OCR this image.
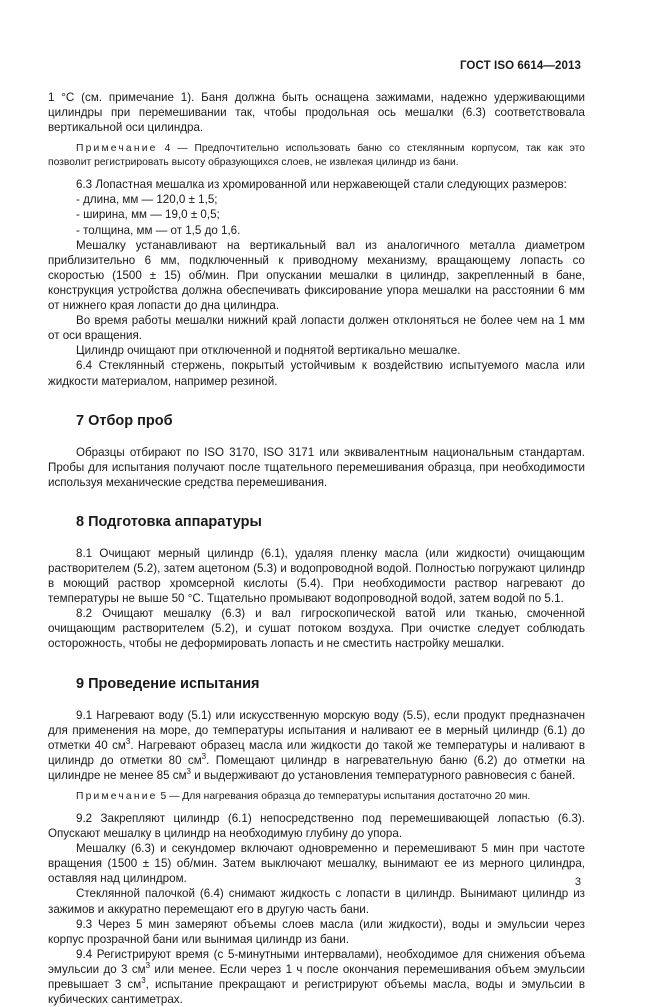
ГОСТ ISO 6614—2013

1 °С (см. примечание 1). Баня должна быть оснащена зажимами, надежно удерживающими цилиндры при перемешивании так, чтобы продольная ось мешалки (6.3) соответствовала вертикальной оси цилиндра.

Примечание 4 — Предпочтительно использовать баню со стеклянным корпусом, так как это позволит регистрировать высоту образующихся слоев, не извлекая цилиндр из бани.

6.3 Лопастная мешалка из хромированной или нержавеющей стали следующих размеров:

- длина, мм — 120,0 ± 1,5;

- ширина, мм — 19,0 ± 0,5;

- толщина, мм — от 1,5 до 1,6.

Мешалку устанавливают на вертикальный вал из аналогичного металла диаметром приблизительно 6 мм, подключенный к приводному механизму, вращающему лопасть со скоростью (1500 ± 15) об/мин. При опускании мешалки в цилиндр, закрепленный в бане, конструкция устройства должна обеспечивать фиксирование упора мешалки на расстоянии 6 мм от нижнего края лопасти до дна цилиндра.

Во время работы мешалки нижний край лопасти должен отклоняться не более чем на 1 мм от оси вращения.

Цилиндр очищают при отключенной и поднятой вертикально мешалке.

6.4 Стеклянный стержень, покрытый устойчивым к воздействию испытуемого масла или жидкости материалом, например резиной.

7 Отбор проб

Образцы отбирают по ISO 3170, ISO 3171 или эквивалентным национальным стандартам. Пробы для испытания получают после тщательного перемешивания образца, при необходимости используя механические средства перемешивания.

8 Подготовка аппаратуры

8.1 Очищают мерный цилиндр (6.1), удаляя пленку масла (или жидкости) очищающим растворителем (5.2), затем ацетоном (5.3) и водопроводной водой. Полностью погружают цилиндр в моющий раствор хромсерной кислоты (5.4). При необходимости раствор нагревают до температуры не выше 50 °С. Тщательно промывают водопроводной водой, затем водой по 5.1.

8.2 Очищают мешалку (6.3) и вал гигроскопической ватой или тканью, смоченной очищающим растворителем (5.2), и сушат потоком воздуха. При очистке следует соблюдать осторожность, чтобы не деформировать лопасть и не сместить настройку мешалки.

9 Проведение испытания

9.1 Нагревают воду (5.1) или искусственную морскую воду (5.5), если продукт предназначен для применения на море, до температуры испытания и наливают ее в мерный цилиндр (6.1) до отметки 40 $см^3$. Нагревают образец масла или жидкости до такой же температуры и наливают в цилиндр до отметки 80 $см^3$. Помещают цилиндр в нагревательную баню (6.2) до отметки на цилиндре не менее 85 $см^3$ и выдерживают до установления температурного равновесия с баней.

Примечание 5 — Для нагревания образца до температуры испытания достаточно 20 мин.

9.2 Закрепляют цилиндр (6.1) непосредственно под перемешивающей лопастью (6.3). Опускают мешалку в цилиндр на необходимую глубину до упора.

Мешалку (6.3) и секундомер включают одновременно и перемешивают 5 мин при частоте вращения (1500 ± 15) об/мин. Затем выключают мешалку, вынимают ее из мерного цилиндра, оставляя над цилиндром.

Стеклянной палочкой (6.4) снимают жидкость с лопасти в цилиндр. Вынимают цилиндр из зажимов и аккуратно перемещают его в другую часть бани.

9.3 Через 5 мин замеряют объемы слоев масла (или жидкости), воды и эмульсии через корпус прозрачной бани или вынимая цилиндр из бани.

9.4 Регистрируют время (с 5-минутными интервалами), необходимое для снижения объема эмульсии до 3 $см^3$ или менее. Если через 1 ч после окончания перемешивания объем эмульсии превышает 3 $см^3$, испытание прекращают и регистрируют объемы масла, воды и эмульсии в кубических сантиметрах.

3
